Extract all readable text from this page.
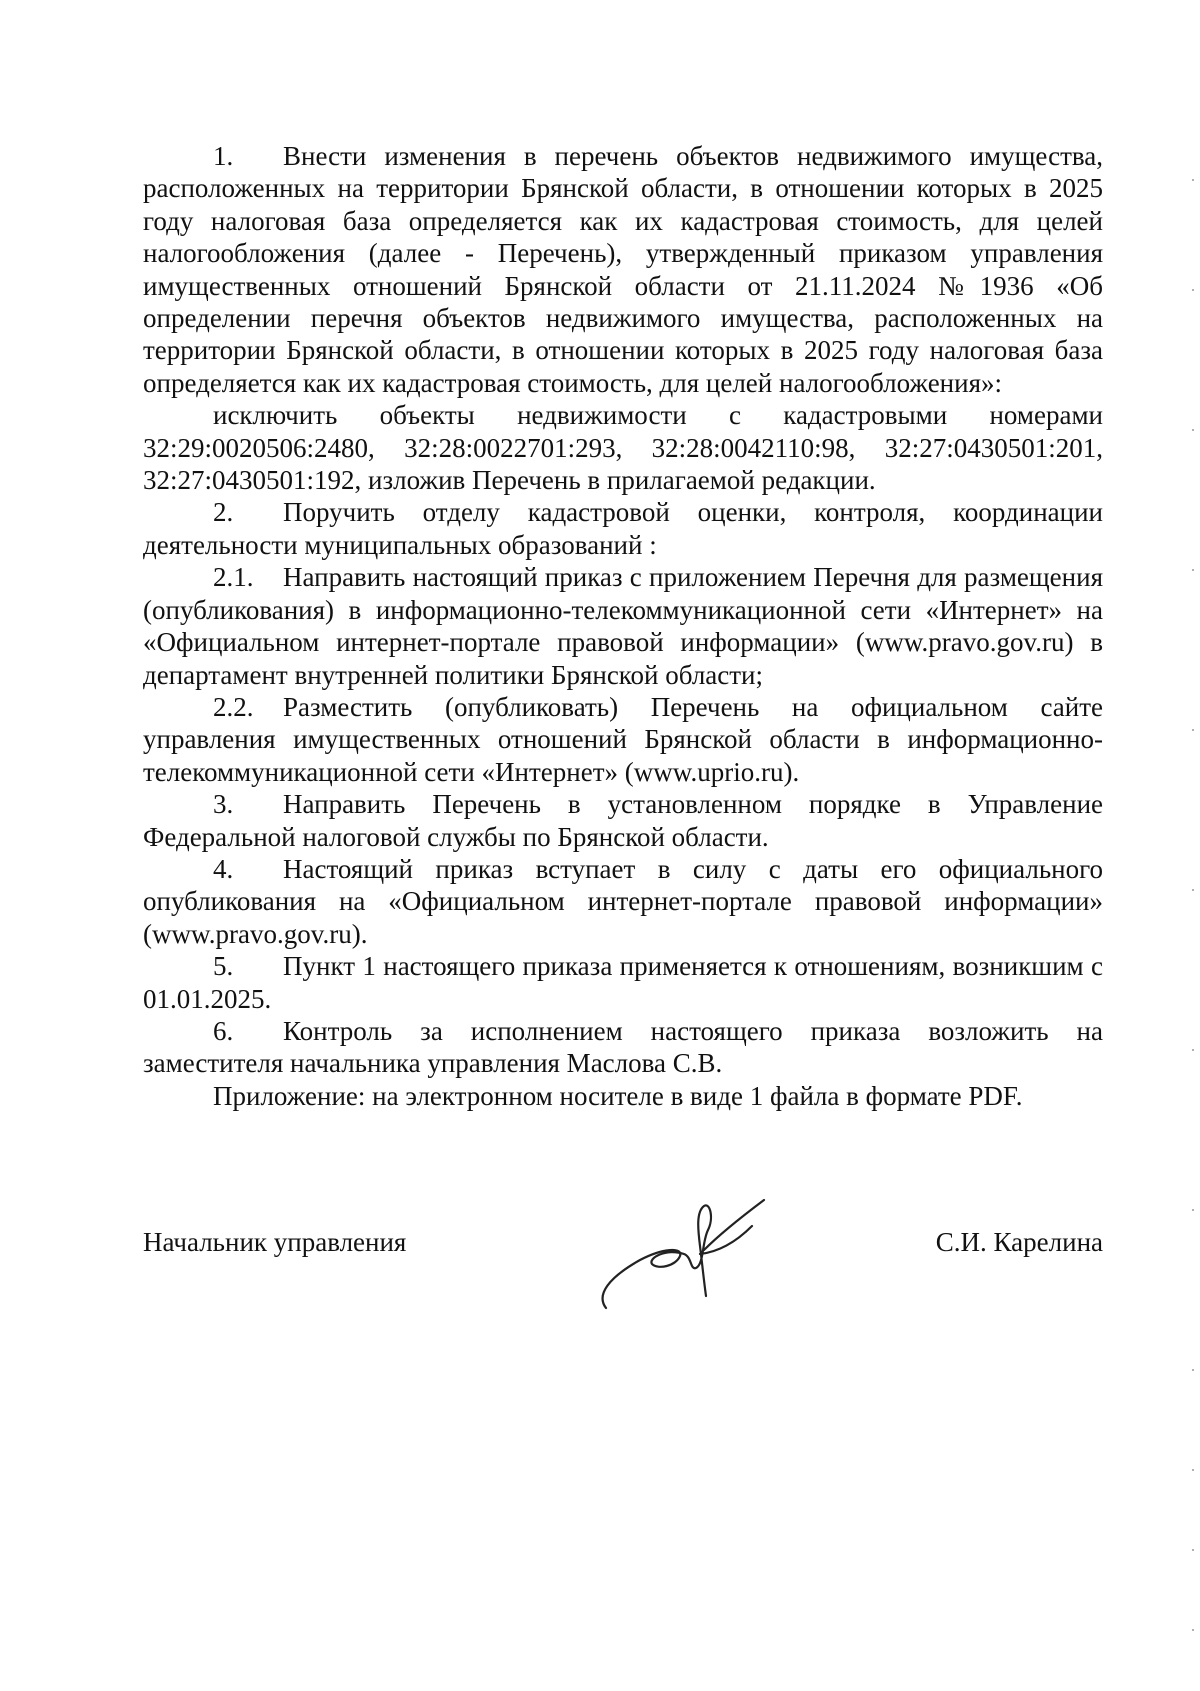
1. Внести изменения в перечень объектов недвижимого имущества, расположенных на территории Брянской области, в отношении которых в 2025 году налоговая база определяется как их кадастровая стоимость, для целей налогообложения (далее - Перечень), утвержденный приказом управления имущественных отношений Брянской области от 21.11.2024 №1936 «Об определении перечня объектов недвижимого имущества, расположенных на территории Брянской области, в отношении которых в 2025 году налоговая база определяется как их кадастровая стоимость, для целей налогообложения»:

исключить объекты недвижимости с кадастровыми номерами 32:29:0020506:2480, 32:28:0022701:293, 32:28:0042110:98, 32:27:0430501:201, 32:27:0430501:192, изложив Перечень в прилагаемой редакции.

2. Поручить отделу кадастровой оценки, контроля, координации деятельности муниципальных образований :

2.1. Направить настоящий приказ с приложением Перечня для размещения (опубликования) в информационно-телекоммуникационной сети «Интернет» на «Официальном интернет-портале правовой информации» (www.pravo.gov.ru) в департамент внутренней политики Брянской области;

2.2. Разместить (опубликовать) Перечень на официальном сайте управления имущественных отношений Брянской области в информационно-телекоммуникационной сети «Интернет» (www.uprio.ru).

3. Направить Перечень в установленном порядке в Управление Федеральной налоговой службы по Брянской области.

4. Настоящий приказ вступает в силу с даты его официального опубликования на «Официальном интернет-портале правовой информации» (www.pravo.gov.ru).

5. Пункт 1 настоящего приказа применяется к отношениям, возникшим с 01.01.2025.

6. Контроль за исполнением настоящего приказа возложить на заместителя начальника управления Маслова С.В.

Приложение: на электронном носителе в виде 1 файла в формате PDF.

Начальник управления	С.И. Карелина
